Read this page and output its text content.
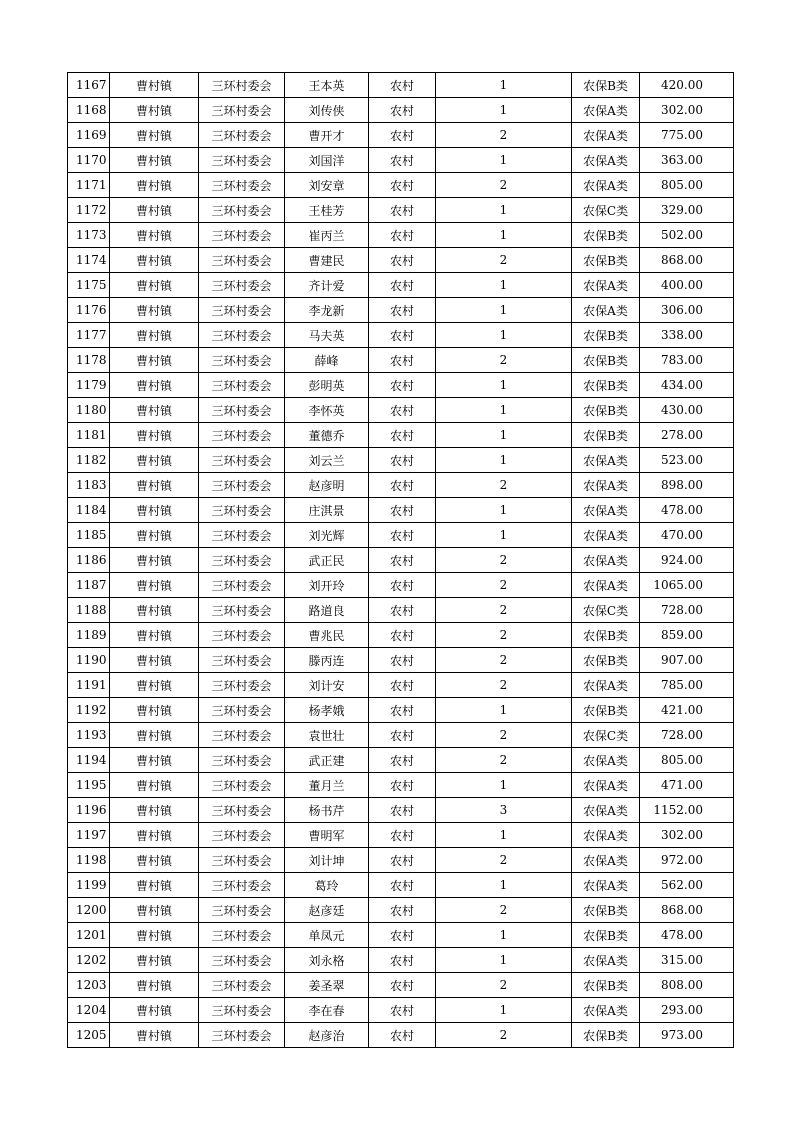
1167	曹村镇	三环村委会	王本英	农村	1	农保B类	420.00
1168	曹村镇	三环村委会	刘传侠	农村	1	农保A类	302.00
1169	曹村镇	三环村委会	曹开才	农村	2	农保A类	775.00
1170	曹村镇	三环村委会	刘国洋	农村	1	农保A类	363.00
1171	曹村镇	三环村委会	刘安章	农村	2	农保A类	805.00
1172	曹村镇	三环村委会	王桂芳	农村	1	农保C类	329.00
1173	曹村镇	三环村委会	崔丙兰	农村	1	农保B类	502.00
1174	曹村镇	三环村委会	曹建民	农村	2	农保B类	868.00
1175	曹村镇	三环村委会	齐计爱	农村	1	农保A类	400.00
1176	曹村镇	三环村委会	李龙新	农村	1	农保A类	306.00
1177	曹村镇	三环村委会	马夫英	农村	1	农保B类	338.00
1178	曹村镇	三环村委会	薛峰	农村	2	农保B类	783.00
1179	曹村镇	三环村委会	彭明英	农村	1	农保B类	434.00
1180	曹村镇	三环村委会	李怀英	农村	1	农保B类	430.00
1181	曹村镇	三环村委会	董德乔	农村	1	农保B类	278.00
1182	曹村镇	三环村委会	刘云兰	农村	1	农保A类	523.00
1183	曹村镇	三环村委会	赵彦明	农村	2	农保A类	898.00
1184	曹村镇	三环村委会	庄淇景	农村	1	农保A类	478.00
1185	曹村镇	三环村委会	刘光辉	农村	1	农保A类	470.00
1186	曹村镇	三环村委会	武正民	农村	2	农保A类	924.00
1187	曹村镇	三环村委会	刘开玲	农村	2	农保A类	1065.00
1188	曹村镇	三环村委会	路道良	农村	2	农保C类	728.00
1189	曹村镇	三环村委会	曹兆民	农村	2	农保B类	859.00
1190	曹村镇	三环村委会	滕丙连	农村	2	农保B类	907.00
1191	曹村镇	三环村委会	刘计安	农村	2	农保A类	785.00
1192	曹村镇	三环村委会	杨孝娥	农村	1	农保B类	421.00
1193	曹村镇	三环村委会	袁世壮	农村	2	农保C类	728.00
1194	曹村镇	三环村委会	武正建	农村	2	农保A类	805.00
1195	曹村镇	三环村委会	董月兰	农村	1	农保A类	471.00
1196	曹村镇	三环村委会	杨书芹	农村	3	农保A类	1152.00
1197	曹村镇	三环村委会	曹明军	农村	1	农保A类	302.00
1198	曹村镇	三环村委会	刘计坤	农村	2	农保A类	972.00
1199	曹村镇	三环村委会	葛玲	农村	1	农保A类	562.00
1200	曹村镇	三环村委会	赵彦廷	农村	2	农保B类	868.00
1201	曹村镇	三环村委会	单凤元	农村	1	农保B类	478.00
1202	曹村镇	三环村委会	刘永格	农村	1	农保A类	315.00
1203	曹村镇	三环村委会	姜圣翠	农村	2	农保B类	808.00
1204	曹村镇	三环村委会	李在春	农村	1	农保A类	293.00
1205	曹村镇	三环村委会	赵彦治	农村	2	农保B类	973.00
